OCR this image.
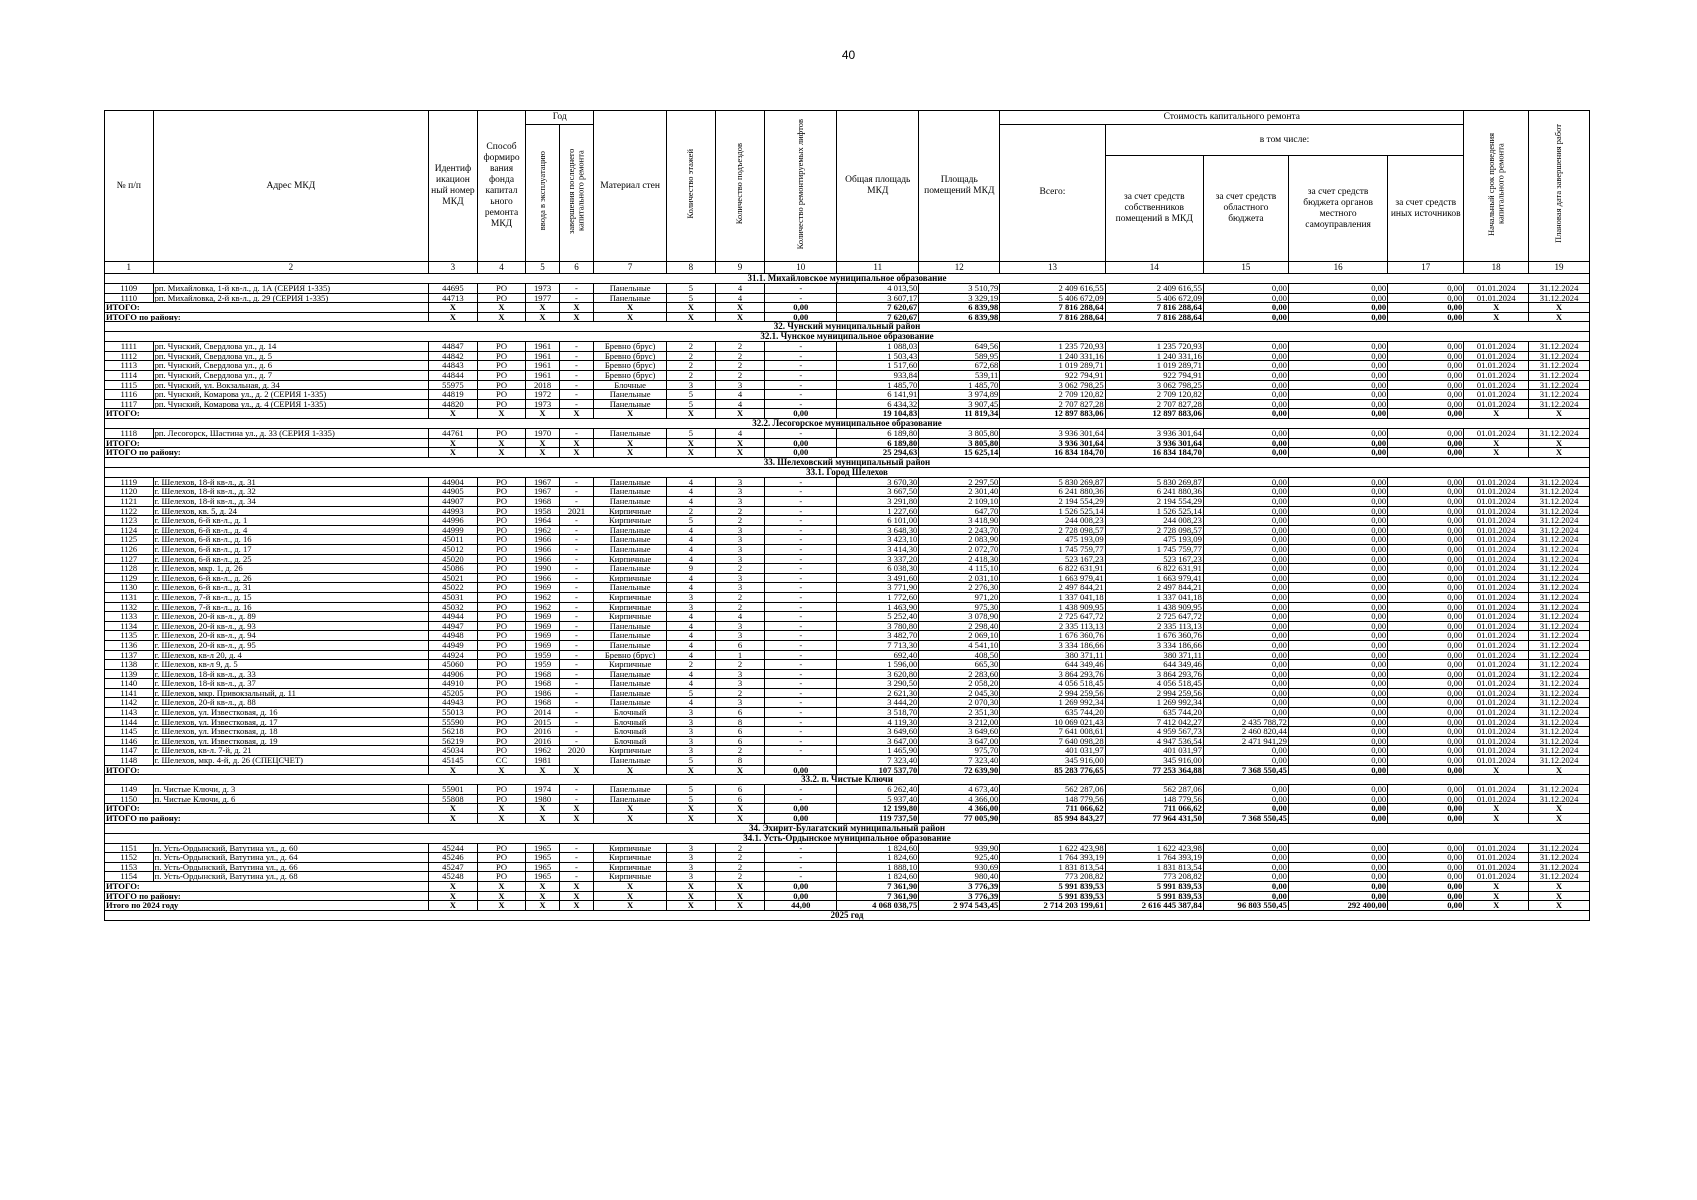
40
№ п/п	Адрес МКД	Идентиф икацион ный номер МКД	Способ формиро вания фонда капитал ьного ремонта МКД	Год		Материал стен	Количество этажей	Количество подъездов	Количество ремонтируемых лифтов	Общая площадь МКД	Площадь помещений МКД	Стоимость капитального ремонта					Начальный срок проведения капитального ремонта	Плановая дата завершения работ
				ввода в эксплуатацию	завершения последнего капитального ремонта							Всего:	в том числе:					
													за счет средств собственников помещений в МКД	за счет средств областного бюджета	за счет средств бюджета органов местного самоуправления	за счет средств иных источников		
1	2	3	4	5	6	7	8	9	10	11	12	13	14	15	16	17	18	19
31.1. Михайловское муниципальное образование																		
1109	рп. Михайловка, 1-й кв-л., д. 1А (СЕРИЯ 1-335)	44695	РО	1973	-	Панельные	5	4	-	4 013,50	3 510,79	2 409 616,55	2 409 616,55	0,00	0,00	0,00	01.01.2024	31.12.2024
1110	рп. Михайловка, 2-й кв-л., д. 29 (СЕРИЯ 1-335)	44713	РО	1977	-	Панельные	5	4	-	3 607,17	3 329,19	5 406 672,09	5 406 672,09	0,00	0,00	0,00	01.01.2024	31.12.2024
ИТОГО:		X	X	X	X	X	X	X	0,00	7 620,67	6 839,98	7 816 288,64	7 816 288,64	0,00	0,00	0,00	X	X
ИТОГО по району:		X	X	X	X	X	X	X	0,00	7 620,67	6 839,98	7 816 288,64	7 816 288,64	0,00	0,00	0,00	X	X
32. Чунский муниципальный район																		
32.1. Чунское муниципальное образование																		
1111	рп. Чунский, Свердлова ул., д. 14	44847	РО	1961	-	Бревно (брус)	2	2	-	1 088,03	649,56	1 235 720,93	1 235 720,93	0,00	0,00	0,00	01.01.2024	31.12.2024
1112	рп. Чунский, Свердлова ул., д. 5	44842	РО	1961	-	Бревно (брус)	2	2	-	1 503,43	589,95	1 240 331,16	1 240 331,16	0,00	0,00	0,00	01.01.2024	31.12.2024
1113	рп. Чунский, Свердлова ул., д. 6	44843	РО	1961	-	Бревно (брус)	2	2	-	1 517,60	672,68	1 019 289,71	1 019 289,71	0,00	0,00	0,00	01.01.2024	31.12.2024
1114	рп. Чунский, Свердлова ул., д. 7	44844	РО	1961	-	Бревно (брус)	2	2	-	933,84	539,11	922 794,91	922 794,91	0,00	0,00	0,00	01.01.2024	31.12.2024
1115	рп. Чунский, ул. Вокзальная, д. 34	55975	РО	2018	-	Блочные	3	3	-	1 485,70	1 485,70	3 062 798,25	3 062 798,25	0,00	0,00	0,00	01.01.2024	31.12.2024
1116	рп. Чунский, Комарова ул., д. 2 (СЕРИЯ 1-335)	44819	РО	1972	-	Панельные	5	4	-	6 141,91	3 974,89	2 709 120,82	2 709 120,82	0,00	0,00	0,00	01.01.2024	31.12.2024
1117	рп. Чунский, Комарова ул., д. 4 (СЕРИЯ 1-335)	44820	РО	1973	-	Панельные	5	4	-	6 434,32	3 907,45	2 707 827,28	2 707 827,28	0,00	0,00	0,00	01.01.2024	31.12.2024
ИТОГО:		X	X	X	X	X	X	X	0,00	19 104,83	11 819,34	12 897 883,06	12 897 883,06	0,00	0,00	0,00	X	X
32.2. Лесогорское муниципальное образование																		
1118	рп. Лесогорск, Шастина ул., д. 33 (СЕРИЯ 1-335)	44761	РО	1970	-	Панельные	5	4	-	6 189,80	3 805,80	3 936 301,64	3 936 301,64	0,00	0,00	0,00	01.01.2024	31.12.2024
ИТОГО:		X	X	X	X	X	X	X	0,00	6 189,80	3 805,80	3 936 301,64	3 936 301,64	0,00	0,00	0,00	X	X
ИТОГО по району:		X	X	X	X	X	X	X	0,00	25 294,63	15 625,14	16 834 184,70	16 834 184,70	0,00	0,00	0,00	X	X
33. Шелеховский муниципальный район																		
33.1. Город Шелехов																		
1119	г. Шелехов, 18-й кв-л., д. 31	44904	РО	1967	-	Панельные	4	3	-	3 670,30	2 297,50	5 830 269,87	5 830 269,87	0,00	0,00	0,00	01.01.2024	31.12.2024
1120	г. Шелехов, 18-й кв-л., д. 32	44905	РО	1967	-	Панельные	4	3	-	3 667,50	2 301,40	6 241 880,36	6 241 880,36	0,00	0,00	0,00	01.01.2024	31.12.2024
1121	г. Шелехов, 18-й кв-л., д. 34	44907	РО	1968	-	Панельные	4	3	-	3 291,80	2 109,10	2 194 554,29	2 194 554,29	0,00	0,00	0,00	01.01.2024	31.12.2024
1122	г. Шелехов, кв. 5, д. 24	44993	РО	1958	2021	Кирпичные	2	2	-	1 227,60	647,70	1 526 525,14	1 526 525,14	0,00	0,00	0,00	01.01.2024	31.12.2024
1123	г. Шелехов, 6-й кв-л., д. 1	44996	РО	1964	-	Кирпичные	5	2	-	6 101,00	3 418,90	244 008,23	244 008,23	0,00	0,00	0,00	01.01.2024	31.12.2024
1124	г. Шелехов, 6-й кв-л., д. 4	44999	РО	1962	-	Панельные	4	3	-	3 648,30	2 243,70	2 728 098,57	2 728 098,57	0,00	0,00	0,00	01.01.2024	31.12.2024
1125	г. Шелехов, 6-й кв-л., д. 16	45011	РО	1966	-	Панельные	4	3	-	3 423,10	2 083,90	475 193,09	475 193,09	0,00	0,00	0,00	01.01.2024	31.12.2024
1126	г. Шелехов, 6-й кв-л., д. 17	45012	РО	1966	-	Панельные	4	3	-	3 414,30	2 072,70	1 745 759,77	1 745 759,77	0,00	0,00	0,00	01.01.2024	31.12.2024
1127	г. Шелехов, 6-й кв-л., д. 25	45020	РО	1966	-	Кирпичные	4	3	-	3 337,20	2 418,30	523 167,23	523 167,23	0,00	0,00	0,00	01.01.2024	31.12.2024
1128	г. Шелехов, мкр. 1, д. 26	45086	РО	1990	-	Панельные	9	2	-	6 038,30	4 115,10	6 822 631,91	6 822 631,91	0,00	0,00	0,00	01.01.2024	31.12.2024
1129	г. Шелехов, 6-й кв-л., д. 26	45021	РО	1966	-	Кирпичные	4	3	-	3 491,60	2 031,10	1 663 979,41	1 663 979,41	0,00	0,00	0,00	01.01.2024	31.12.2024
1130	г. Шелехов, 6-й кв-л., д. 31	45022	РО	1969	-	Панельные	4	3	-	3 771,90	2 276,30	2 497 844,21	2 497 844,21	0,00	0,00	0,00	01.01.2024	31.12.2024
1131	г. Шелехов, 7-й кв-л., д. 15	45031	РО	1962	-	Кирпичные	3	2	-	1 772,60	971,20	1 337 041,18	1 337 041,18	0,00	0,00	0,00	01.01.2024	31.12.2024
1132	г. Шелехов, 7-й кв-л., д. 16	45032	РО	1962	-	Кирпичные	3	2	-	1 463,90	975,30	1 438 909,95	1 438 909,95	0,00	0,00	0,00	01.01.2024	31.12.2024
1133	г. Шелехов, 20-й кв-л., д. 89	44944	РО	1969	-	Кирпичные	4	4	-	5 252,40	3 078,90	2 725 647,72	2 725 647,72	0,00	0,00	0,00	01.01.2024	31.12.2024
1134	г. Шелехов, 20-й кв-л., д. 93	44947	РО	1969	-	Панельные	4	3	-	3 780,80	2 298,40	2 335 113,13	2 335 113,13	0,00	0,00	0,00	01.01.2024	31.12.2024
1135	г. Шелехов, 20-й кв-л., д. 94	44948	РО	1969	-	Панельные	4	3	-	3 482,70	2 069,10	1 676 360,76	1 676 360,76	0,00	0,00	0,00	01.01.2024	31.12.2024
1136	г. Шелехов, 20-й кв-л., д. 95	44949	РО	1969	-	Панельные	4	6	-	7 713,30	4 541,10	3 334 186,66	3 334 186,66	0,00	0,00	0,00	01.01.2024	31.12.2024
1137	г. Шелехов, кв-л 20, д. 4	44924	РО	1959	-	Бревно (брус)	4	1	-	692,40	408,50	380 371,11	380 371,11	0,00	0,00	0,00	01.01.2024	31.12.2024
1138	г. Шелехов, кв-л 9, д. 5	45060	РО	1959	-	Кирпичные	2	2	-	1 596,00	665,30	644 349,46	644 349,46	0,00	0,00	0,00	01.01.2024	31.12.2024
1139	г. Шелехов, 18-й кв-л., д. 33	44906	РО	1968	-	Панельные	4	3	-	3 620,80	2 283,60	3 864 293,76	3 864 293,76	0,00	0,00	0,00	01.01.2024	31.12.2024
1140	г. Шелехов, 18-й кв-л., д. 37	44910	РО	1968	-	Панельные	4	3	-	3 290,50	2 058,20	4 056 518,45	4 056 518,45	0,00	0,00	0,00	01.01.2024	31.12.2024
1141	г. Шелехов, мкр. Привокзальный, д. 11	45205	РО	1986	-	Панельные	5	2	-	2 621,30	2 045,30	2 994 259,56	2 994 259,56	0,00	0,00	0,00	01.01.2024	31.12.2024
1142	г. Шелехов, 20-й кв-л., д. 88	44943	РО	1968	-	Панельные	4	3	-	3 444,20	2 070,30	1 269 992,34	1 269 992,34	0,00	0,00	0,00	01.01.2024	31.12.2024
1143	г. Шелехов, ул. Известковая, д. 16	55013	РО	2014	-	Блочный	3	6	-	3 518,70	2 351,30	635 744,20	635 744,20	0,00	0,00	0,00	01.01.2024	31.12.2024
1144	г. Шелехов, ул. Известковая, д. 17	55590	РО	2015	-	Блочный	3	8	-	4 119,30	3 212,00	10 069 021,43	7 412 042,27	2 435 788,72	0,00	0,00	01.01.2024	31.12.2024
1145	г. Шелехов, ул. Известковая, д. 18	56218	РО	2016	-	Блочный	3	6	-	3 649,60	3 649,60	7 641 008,61	4 959 567,73	2 460 820,44	0,00	0,00	01.01.2024	31.12.2024
1146	г. Шелехов, ул. Известковая, д. 19	56219	РО	2016	-	Блочный	3	6	-	3 647,00	3 647,00	7 640 098,28	4 947 536,54	2 471 941,29	0,00	0,00	01.01.2024	31.12.2024
1147	г. Шелехов, кв-л. 7-й, д. 21	45034	РО	1962	2020	Кирпичные	3	2	-	1 465,90	975,70	401 031,97	401 031,97	0,00	0,00	0,00	01.01.2024	31.12.2024
1148	г. Шелехов, мкр. 4-й, д. 26 (СПЕЦСЧЕТ)	45145	СС	1981		Панельные	5	8		7 323,40	7 323,40	345 916,00	345 916,00	0,00	0,00	0,00	01.01.2024	31.12.2024
ИТОГО:		X	X	X	X	X	X	X	0,00	107 537,70	72 639,90	85 283 776,65	77 253 364,88	7 368 550,45	0,00	0,00	X	X
33.2. п. Чистые Ключи																		
1149	п. Чистые Ключи, д. 3	55901	РО	1974	-	Панельные	5	6	-	6 262,40	4 673,40	562 287,06	562 287,06	0,00	0,00	0,00	01.01.2024	31.12.2024
1150	п. Чистые Ключи, д. 6	55808	РО	1980	-	Панельные	5	6	-	5 937,40	4 366,00	148 779,56	148 779,56	0,00	0,00	0,00	01.01.2024	31.12.2024
ИТОГО:		X	X	X	X	X	X	X	0,00	12 199,80	4 366,00	711 066,62	711 066,62	0,00	0,00	0,00	X	X
ИТОГО по району:		X	X	X	X	X	X	X	0,00	119 737,50	77 005,90	85 994 843,27	77 964 431,50	7 368 550,45	0,00	0,00	X	X
34. Эхирит-Булагатский муниципальный район																		
34.1. Усть-Ордынское муниципальное образование																		
1151	п. Усть-Ордынский, Ватутина ул., д. 60	45244	РО	1965	-	Кирпичные	3	2	-	1 824,60	939,90	1 622 423,98	1 622 423,98	0,00	0,00	0,00	01.01.2024	31.12.2024
1152	п. Усть-Ордынский, Ватутина ул., д. 64	45246	РО	1965	-	Кирпичные	3	2	-	1 824,60	925,40	1 764 393,19	1 764 393,19	0,00	0,00	0,00	01.01.2024	31.12.2024
1153	п. Усть-Ордынский, Ватутина ул., д. 66	45247	РО	1965	-	Кирпичные	3	2	-	1 888,10	930,69	1 831 813,54	1 831 813,54	0,00	0,00	0,00	01.01.2024	31.12.2024
1154	п. Усть-Ордынский, Ватутина ул., д. 68	45248	РО	1965	-	Кирпичные	3	2	-	1 824,60	980,40	773 208,82	773 208,82	0,00	0,00	0,00	01.01.2024	31.12.2024
ИТОГО:		X	X	X	X	X	X	X	0,00	7 361,90	3 776,39	5 991 839,53	5 991 839,53	0,00	0,00	0,00	X	X
ИТОГО по району:		X	X	X	X	X	X	X	0,00	7 361,90	3 776,39	5 991 839,53	5 991 839,53	0,00	0,00	0,00	X	X
Итого по 2024 году		X	X	X	X	X	X	X	44,00	4 068 038,75	2 974 543,45	2 714 203 199,61	2 616 445 387,84	96 803 550,45	292 400,00	0,00	X	X
2025 год																		
